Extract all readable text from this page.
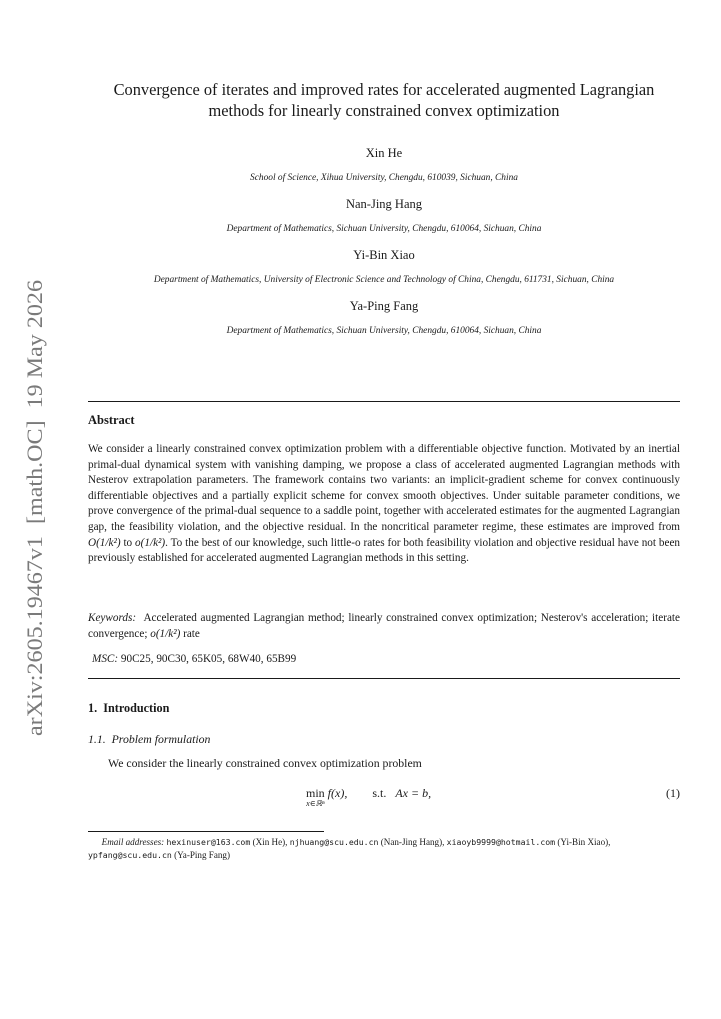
arXiv:2605.19467v1  [math.OC]  19 May 2026
Convergence of iterates and improved rates for accelerated augmented Lagrangian methods for linearly constrained convex optimization
Xin He
School of Science, Xihua University, Chengdu, 610039, Sichuan, China
Nan-Jing Hang
Department of Mathematics, Sichuan University, Chengdu, 610064, Sichuan, China
Yi-Bin Xiao
Department of Mathematics, University of Electronic Science and Technology of China, Chengdu, 611731, Sichuan, China
Ya-Ping Fang
Department of Mathematics, Sichuan University, Chengdu, 610064, Sichuan, China
Abstract

We consider a linearly constrained convex optimization problem with a differentiable objective function. Motivated by an inertial primal-dual dynamical system with vanishing damping, we propose a class of accelerated augmented Lagrangian methods with Nesterov extrapolation parameters. The framework contains two variants: an implicit-gradient scheme for convex continuously differentiable objectives and a partially explicit scheme for convex smooth objectives. Under suitable parameter conditions, we prove convergence of the primal-dual sequence to a saddle point, together with accelerated estimates for the augmented Lagrangian gap, the feasibility violation, and the objective residual. In the noncritical parameter regime, these estimates are improved from O(1/k²) to o(1/k²). To the best of our knowledge, such little-o rates for both feasibility violation and objective residual have not been previously established for accelerated augmented Lagrangian methods in this setting.

Keywords: Accelerated augmented Lagrangian method; linearly constrained convex optimization; Nesterov's acceleration; iterate convergence; o(1/k²) rate

MSC: 90C25, 90C30, 65K05, 68W40, 65B99

1.  Introduction
1.1.  Problem formulation

We consider the linearly constrained convex optimization problem

min
x∈ℝⁿ
f(x), s.t. Ax = b,	(1)

Email addresses: hexinuser@163.com (Xin He), njhuang@scu.edu.cn (Nan-Jing Hang), xiaoyb9999@hotmail.com (Yi-Bin Xiao), ypfang@scu.edu.cn (Ya-Ping Fang)
